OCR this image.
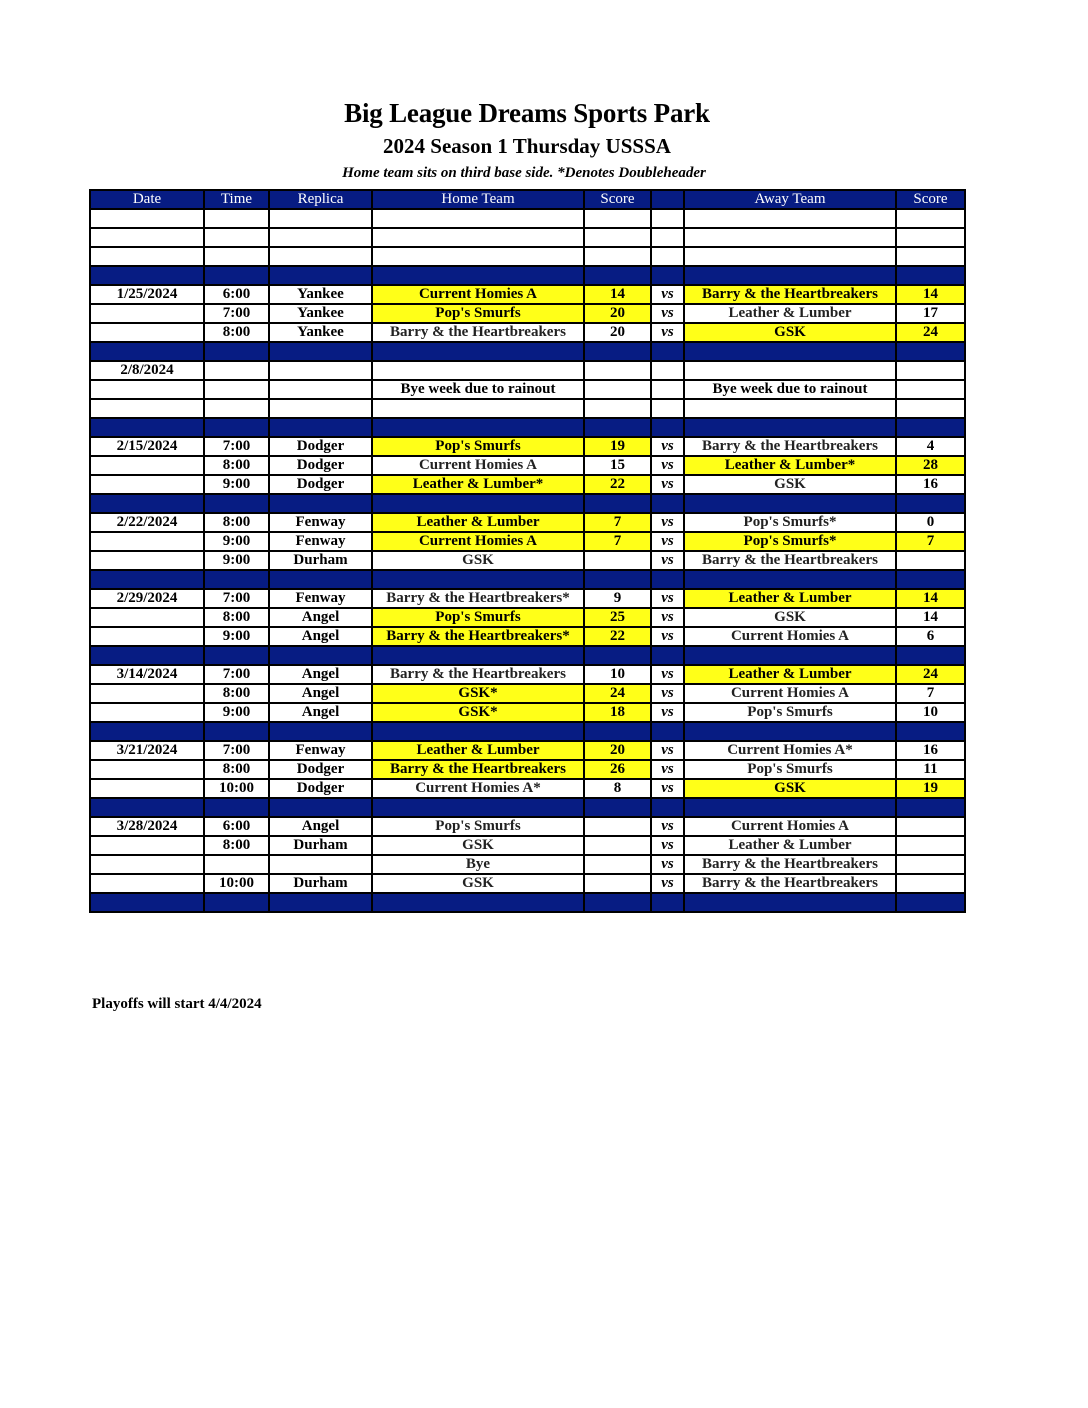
Big League Dreams Sports Park
2024 Season 1 Thursday USSSA
Home team sits on third base side. *Denotes Doubleheader
Date	Time	Replica	Home Team	Score		Away Team	Score

1/25/2024	6:00	Yankee	Current Homies A	14	vs	Barry & the Heartbreakers	14
	7:00	Yankee	Pop's Smurfs	20	vs	Leather & Lumber	17
	8:00	Yankee	Barry & the Heartbreakers	20	vs	GSK	24

2/8/2024							
			Bye week due to rainout			Bye week due to rainout	

2/15/2024	7:00	Dodger	Pop's Smurfs	19	vs	Barry & the Heartbreakers	4
	8:00	Dodger	Current Homies A	15	vs	Leather & Lumber*	28
	9:00	Dodger	Leather & Lumber*	22	vs	GSK	16

2/22/2024	8:00	Fenway	Leather & Lumber	7	vs	Pop's Smurfs*	0
	9:00	Fenway	Current Homies A	7	vs	Pop's Smurfs*	7
	9:00	Durham	GSK		vs	Barry & the Heartbreakers	

2/29/2024	7:00	Fenway	Barry & the Heartbreakers*	9	vs	Leather & Lumber	14
	8:00	Angel	Pop's Smurfs	25	vs	GSK	14
	9:00	Angel	Barry & the Heartbreakers*	22	vs	Current Homies A	6

3/14/2024	7:00	Angel	Barry & the Heartbreakers	10	vs	Leather & Lumber	24
	8:00	Angel	GSK*	24	vs	Current Homies A	7
	9:00	Angel	GSK*	18	vs	Pop's Smurfs	10

3/21/2024	7:00	Fenway	Leather & Lumber	20	vs	Current Homies A*	16
	8:00	Dodger	Barry & the Heartbreakers	26	vs	Pop's Smurfs	11
	10:00	Dodger	Current Homies A*	8	vs	GSK	19

3/28/2024	6:00	Angel	Pop's Smurfs		vs	Current Homies A	
	8:00	Durham	GSK		vs	Leather & Lumber	
			Bye		vs	Barry & the Heartbreakers	
	10:00	Durham	GSK		vs	Barry & the Heartbreakers	

Playoffs will start 4/4/2024
